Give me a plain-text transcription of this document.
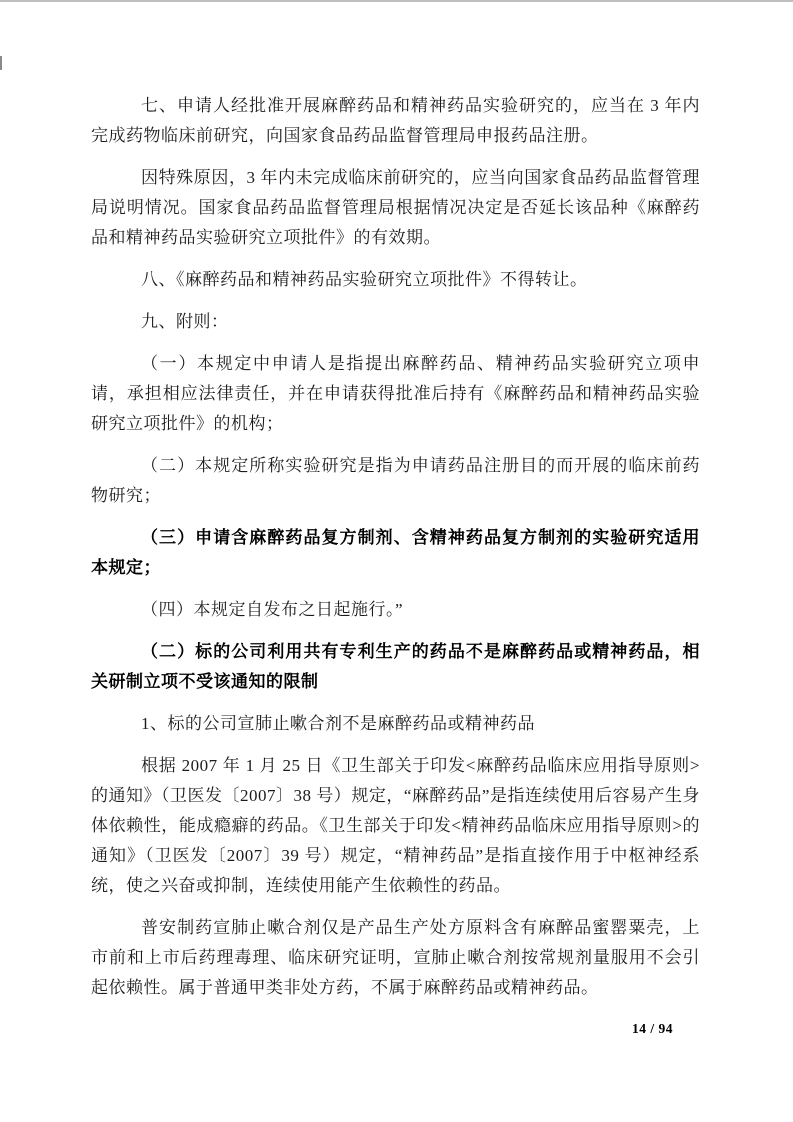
七、申请人经批准开展麻醉药品和精神药品实验研究的，应当在 3 年内完成药物临床前研究，向国家食品药品监督管理局申报药品注册。

因特殊原因，3 年内未完成临床前研究的，应当向国家食品药品监督管理局说明情况。国家食品药品监督管理局根据情况决定是否延长该品种《麻醉药品和精神药品实验研究立项批件》的有效期。

八、《麻醉药品和精神药品实验研究立项批件》不得转让。

九、附则：

（一）本规定中申请人是指提出麻醉药品、精神药品实验研究立项申请，承担相应法律责任，并在申请获得批准后持有《麻醉药品和精神药品实验研究立项批件》的机构；

（二）本规定所称实验研究是指为申请药品注册目的而开展的临床前药物研究；

（三）申请含麻醉药品复方制剂、含精神药品复方制剂的实验研究适用本规定；

（四）本规定自发布之日起施行。”

（二）标的公司利用共有专利生产的药品不是麻醉药品或精神药品，相关研制立项不受该通知的限制

1、标的公司宣肺止嗽合剂不是麻醉药品或精神药品

根据 2007 年 1 月 25 日《卫生部关于印发<麻醉药品临床应用指导原则>的通知》（卫医发〔2007〕38 号）规定，“麻醉药品”是指连续使用后容易产生身体依赖性，能成瘾癖的药品。《卫生部关于印发<精神药品临床应用指导原则>的通知》（卫医发〔2007〕39 号）规定，“精神药品”是指直接作用于中枢神经系统，使之兴奋或抑制，连续使用能产生依赖性的药品。

普安制药宣肺止嗽合剂仅是产品生产处方原料含有麻醉品蜜罂粟壳，上市前和上市后药理毒理、临床研究证明，宣肺止嗽合剂按常规剂量服用不会引起依赖性。属于普通甲类非处方药，不属于麻醉药品或精神药品。

14 / 94
